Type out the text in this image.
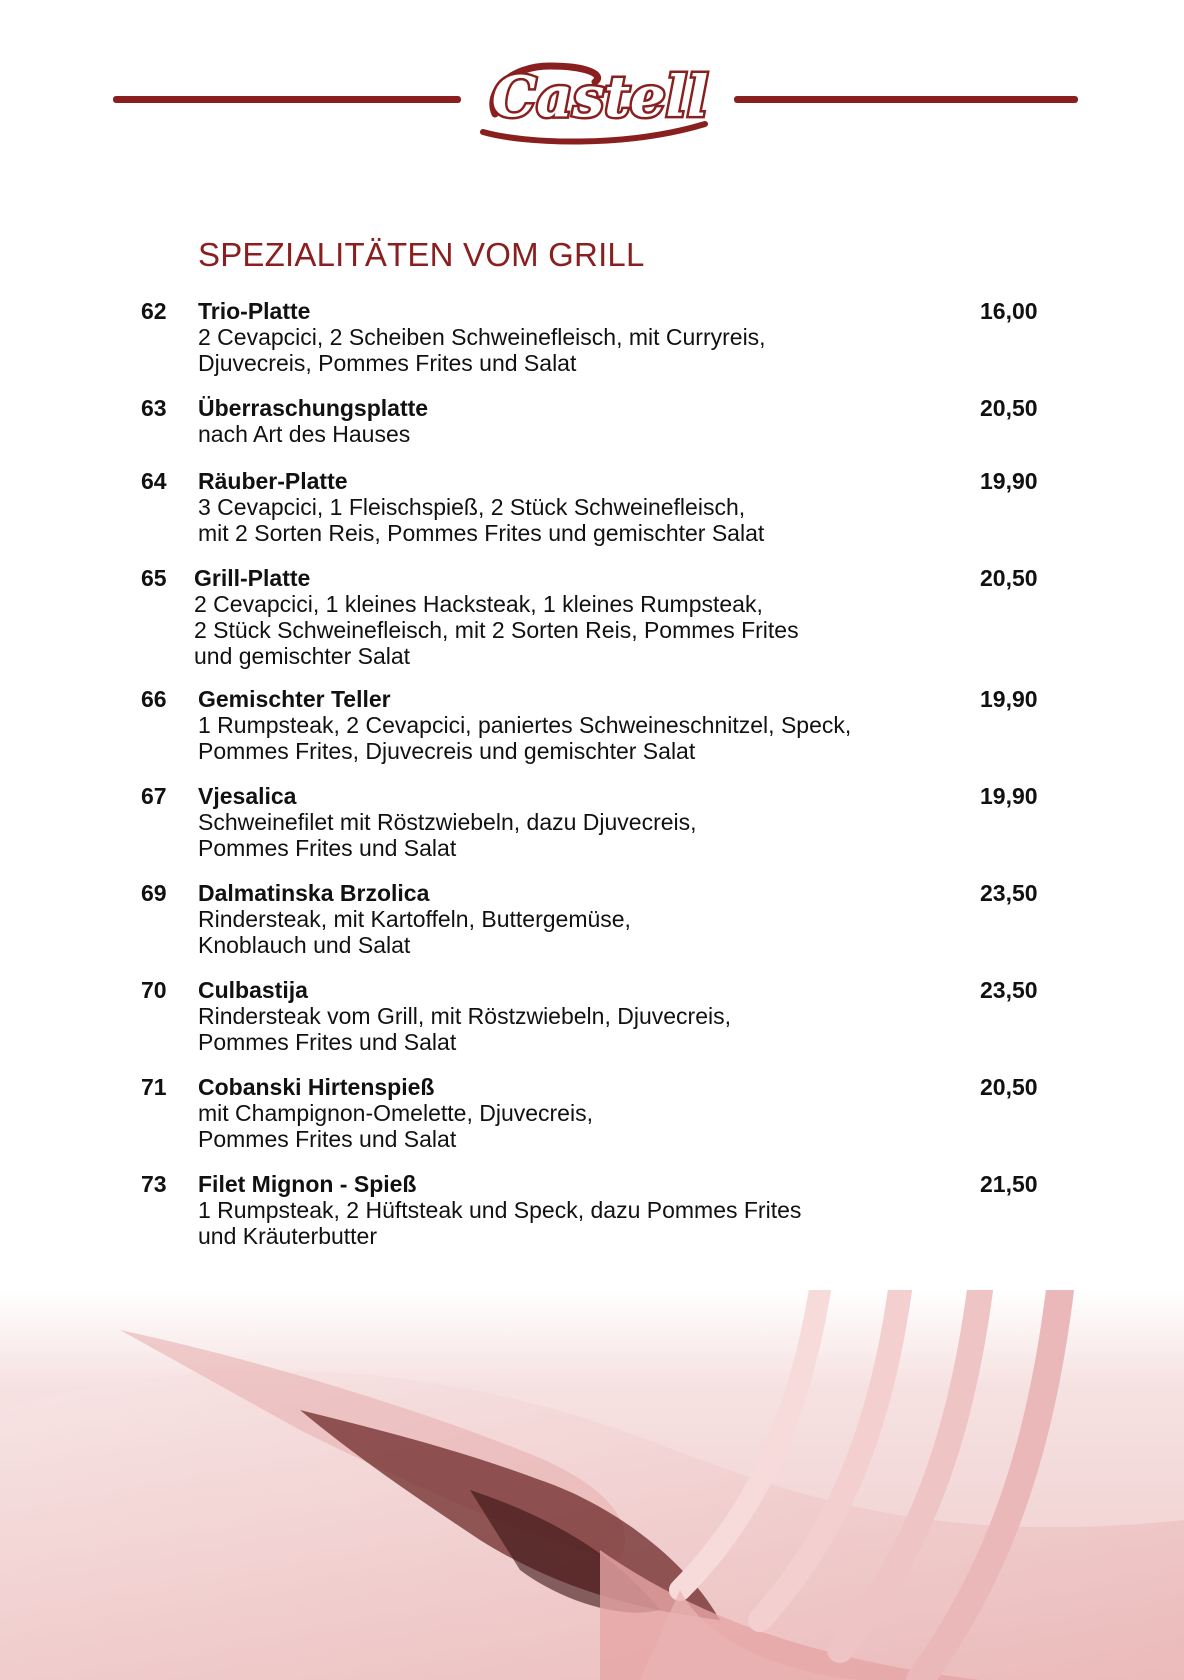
Castell
SPEZIALITÄTEN VOM GRILL
62 Trio-Platte	16,00
2 Cevapcici, 2 Scheiben Schweinefleisch, mit Curryreis,
Djuvecreis, Pommes Frites und Salat
63 Überraschungsplatte	20,50
nach Art des Hauses
64 Räuber-Platte	19,90
3 Cevapcici, 1 Fleischspieß, 2 Stück Schweinefleisch,
mit 2 Sorten Reis, Pommes Frites und gemischter Salat
65 Grill-Platte	20,50
2 Cevapcici, 1 kleines Hacksteak, 1 kleines Rumpsteak,
2 Stück Schweinefleisch, mit 2 Sorten Reis, Pommes Frites
und gemischter Salat
66 Gemischter Teller	19,90
1 Rumpsteak, 2 Cevapcici, paniertes Schweineschnitzel, Speck,
Pommes Frites, Djuvecreis und gemischter Salat
67 Vjesalica	19,90
Schweinefilet mit Röstzwiebeln, dazu Djuvecreis,
Pommes Frites und Salat
69 Dalmatinska Brzolica	23,50
Rindersteak, mit Kartoffeln, Buttergemüse,
Knoblauch und Salat
70 Culbastija	23,50
Rindersteak vom Grill, mit Röstzwiebeln, Djuvecreis,
Pommes Frites und Salat
71 Cobanski Hirtenspieß	20,50
mit Champignon-Omelette, Djuvecreis,
Pommes Frites und Salat
73 Filet Mignon - Spieß	21,50
1 Rumpsteak, 2 Hüftsteak und Speck, dazu Pommes Frites
und Kräuterbutter
